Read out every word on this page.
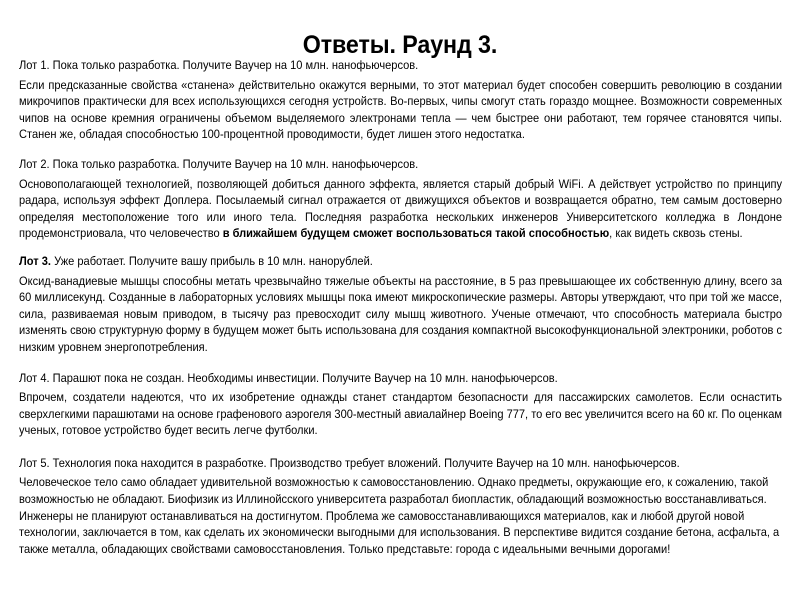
Ответы. Раунд 3.

Лот 1. Пока только разработка. Получите Ваучер на 10 млн. нанофьючерсов.

Если предсказанные свойства «станена» действительно окажутся верными, то этот материал будет способен совершить революцию в создании микрочипов практически для всех использующихся сегодня устройств. Во-первых, чипы смогут стать гораздо мощнее. Возможности современных чипов на основе кремния ограничены объемом выделяемого электронами тепла — чем быстрее они работают, тем горячее становятся чипы. Станен же, обладая способностью 100-процентной проводимости, будет лишен этого недостатка.

Лот 2. Пока только разработка. Получите Ваучер на 10 млн. нанофьючерсов.

Основополагающей технологией, позволяющей добиться данного эффекта, является старый добрый WiFi. А действует устройство по принципу радара, используя эффект Доплера. Посылаемый сигнал отражается от движущихся объектов и возвращается обратно, тем самым достоверно определяя местоположение того или иного тела. Последняя разработка нескольких инженеров Университетского колледжа в Лондоне продемонстриовала, что человечество в ближайшем будущем сможет воспользоваться такой способностью, как видеть сквозь стены.

Лот 3. Уже работает. Получите вашу прибыль в 10 млн. нанорублей.

Оксид-ванадиевые мышцы способны метать чрезвычайно тяжелые объекты на расстояние, в 5 раз превышающее их собственную длину, всего за 60 миллисекунд. Созданные в лабораторных условиях мышцы пока имеют микроскопические размеры. Авторы утверждают, что при той же массе, сила, развиваемая новым приводом, в тысячу раз превосходит силу мышц животного. Ученые отмечают, что способность материала быстро изменять свою структурную форму в будущем может быть использована для создания компактной высокофункциональной электроники, роботов с низким уровнем энергопотребления.

Лот 4. Парашют пока не создан. Необходимы инвестиции. Получите Ваучер на 10 млн. нанофьючерсов.

Впрочем, создатели надеются, что их изобретение однажды станет стандартом безопасности для пассажирских самолетов. Если оснастить сверхлегкими парашютами на основе графенового аэрогеля 300-местный авиалайнер Boeing 777, то его вес увеличится всего на 60 кг. По оценкам ученых, готовое устройство будет весить легче футболки.

Лот 5. Технология пока находится в разработке. Производство требует вложений. Получите Ваучер на 10 млн. нанофьючерсов.

Человеческое тело само обладает удивительной возможностью к самовосстановлению. Однако предметы, окружающие его, к сожалению, такой возможностью не обладают. Биофизик из Иллинойсского университета разработал биопластик, обладающий возможностью восстанавливаться. Инженеры не планируют останавливаться на достигнутом. Проблема же самовосстанавливающихся материалов, как и любой другой новой технологии, заключается в том, как сделать их экономически выгодными для использования. В перспективе видится создание бетона, асфальта, а также металла, обладающих свойствами самовосстановления. Только представьте: города с идеальными вечными дорогами!
